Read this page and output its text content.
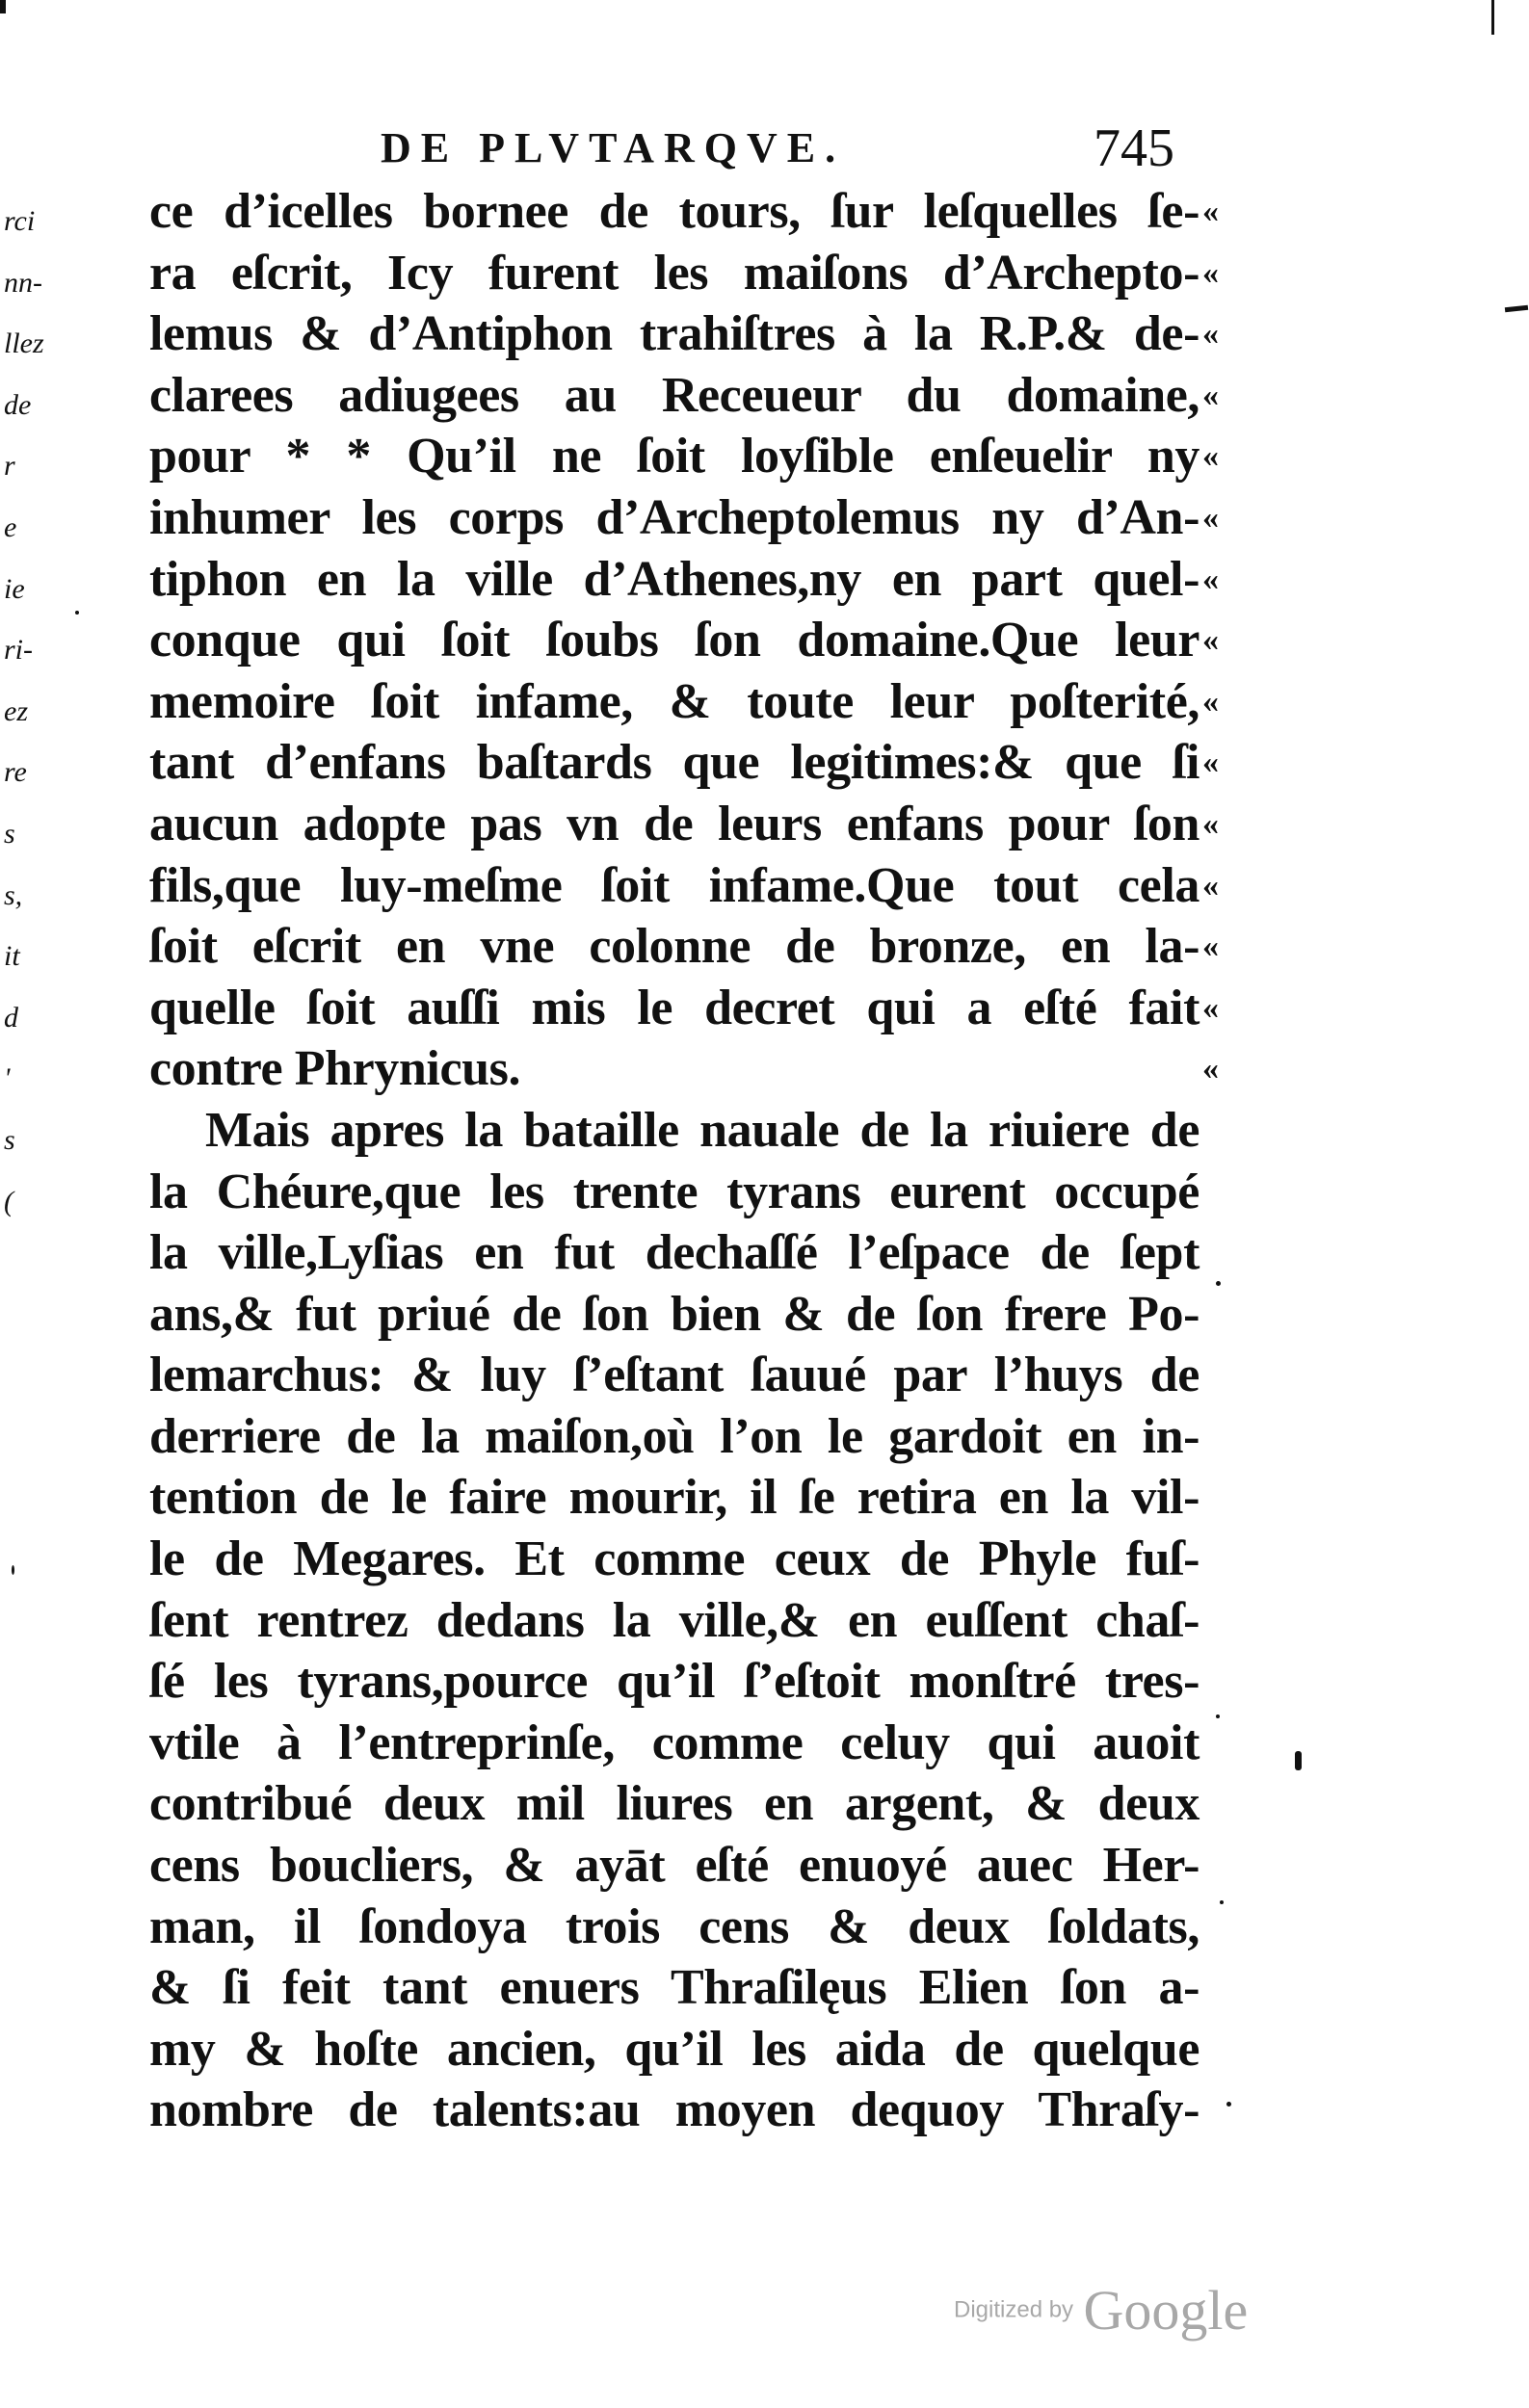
rci
nn-
llez
de
r
e
ie
ri-
ez
re
s
s,
it
d
'
s
(
DE PLVTARQVE.	745
ce d’icelles bornee de tours, ſur leſquelles ſe-
ra eſcrit, Icy furent les maiſons d’Archepto-
lemus & d’Antiphon trahiſtres à la R.P.& de-
clarees adiugees au Receueur du domaine,
pour * * Qu’il ne ſoit loyſible enſeuelir ny
inhumer les corps d’Archeptolemus ny d’An-
tiphon en la ville d’Athenes,ny en part quel-
conque qui ſoit ſoubs ſon domaine.Que leur
memoire ſoit infame, & toute leur poſterité,
tant d’enfans baſtards que legitimes:& que ſi
aucun adopte pas vn de leurs enfans pour ſon
fils,que luy-meſme ſoit infame.Que tout cela
ſoit eſcrit en vne colonne de bronze, en la-
quelle ſoit auſſi mis le decret qui a eſté fait
contre Phrynicus.
Mais apres la bataille nauale de la riuiere de
la Chéure,que les trente tyrans eurent occupé
la ville,Lyſias en fut dechaſſé l’eſpace de ſept
ans,& fut priué de ſon bien & de ſon frere Po-
lemarchus: & luy ſ’eſtant ſauué par l’huys de
derriere de la maiſon,où l’on le gardoit en in-
tention de le faire mourir, il ſe retira en la vil-
le de Megares. Et comme ceux de Phyle fuſ-
ſent rentrez dedans la ville,& en euſſent chaſ-
ſé les tyrans,pource qu’il ſ’eſtoit monſtré tres-
vtile à l’entreprinſe, comme celuy qui auoit
contribué deux mil liures en argent, & deux
cens boucliers, & ayāt eſté enuoyé auec Her-
man, il ſondoya trois cens & deux ſoldats,
& ſi feit tant enuers Thraſilęus Elien ſon a-
my & hoſte ancien, qu’il les aida de quelque
nombre de talents:au moyen dequoy Thraſy-
«
«
«
«
«
«
«
«
«
«
«
«
«
«
«
Digitized by Google
